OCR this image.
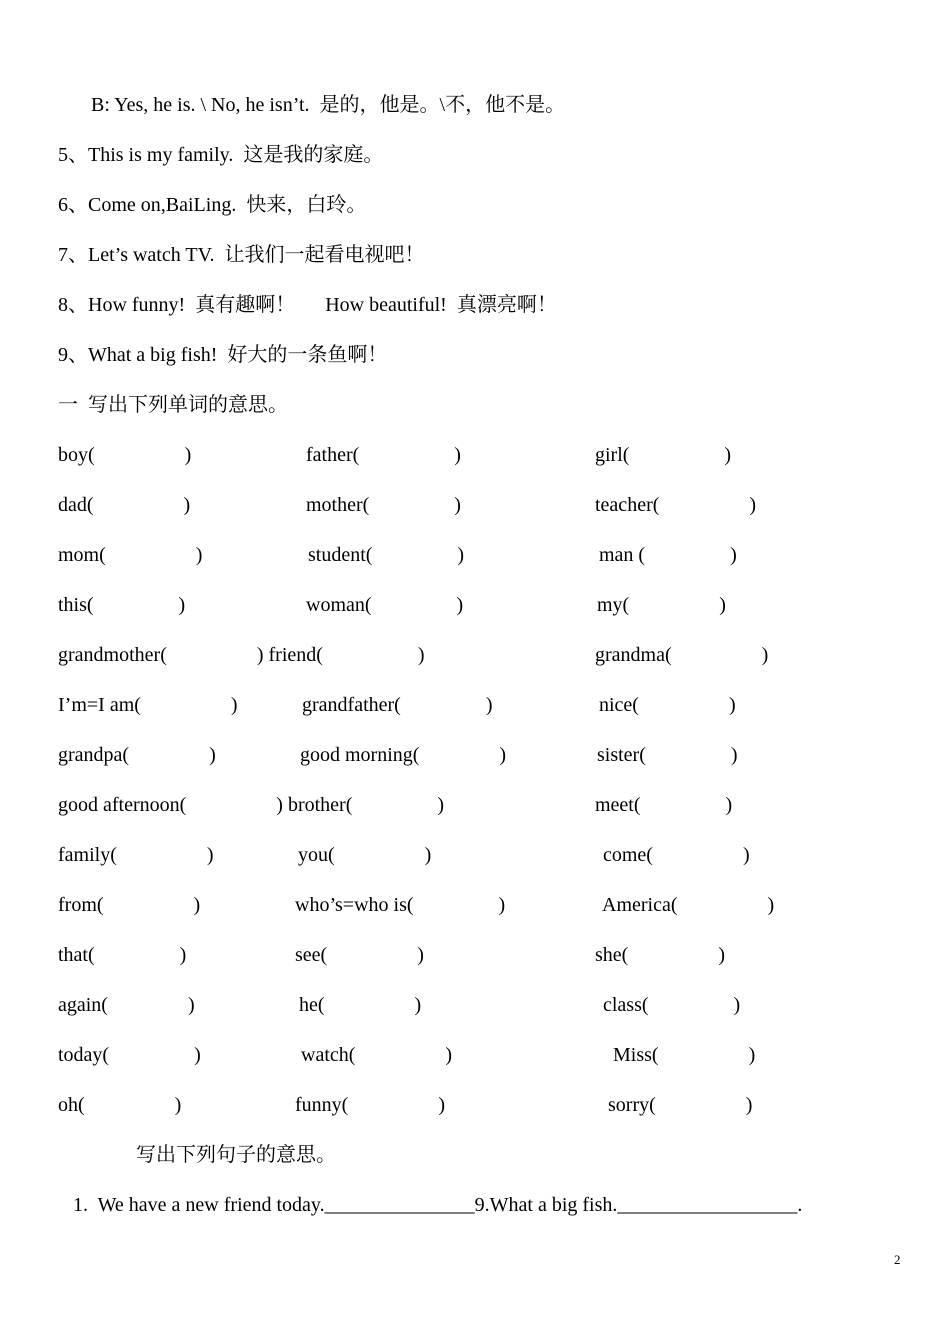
B: Yes, he is. \ No, he isn’t.  是的，他是。\不，他不是。
5、This is my family.  这是我的家庭。
6、Come on,BaiLing.  快来，白玲。
7、Let’s watch TV.  让我们一起看电视吧！
8、How funny!  真有趣啊！      How beautiful!  真漂亮啊！
9、What a big fish!  好大的一条鱼啊！
一  写出下列单词的意思。
boy(                  )	father(                   )	girl(                   )
dad(                  )	mother(                 )	teacher(                  )
mom(                  )	student(                 )	man (                 )
this(                 )	woman(                 )	my(                  )
grandmother(                  ) friend(                   )	grandma(                  )
I’m=I am(                  )	grandfather(                 )	nice(                  )
grandpa(                )	good morning(                )	sister(                 )
good afternoon(                  ) brother(                 )	meet(                 )
family(                  )	you(                  )	come(                  )
from(                  )	who’s=who is(                 )	America(                  )
that(                 )	see(                  )	she(                  )
again(                )	he(                  )	class(                 )
today(                 )	watch(                  )	Miss(                  )
oh(                  )	funny(                  )	sorry(                  )
写出下列句子的意思。
1.  We have a new friend today._______________9.What a big fish.__________________.
2
